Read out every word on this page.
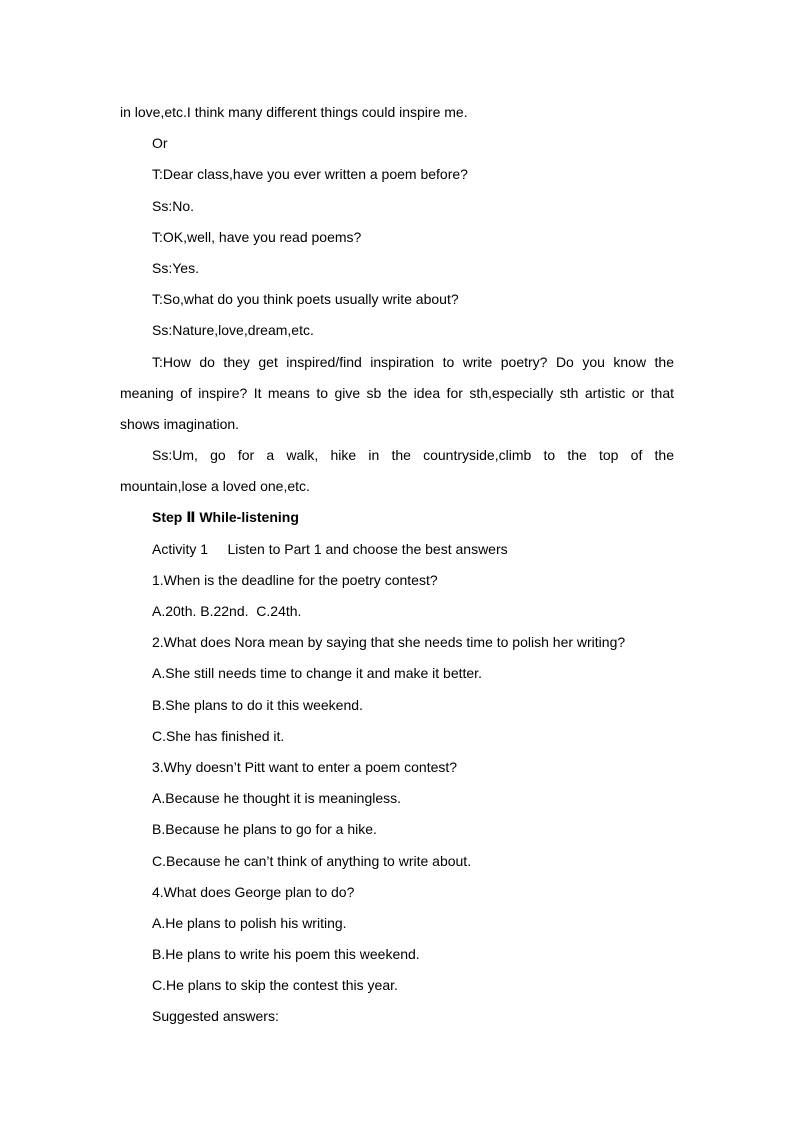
in love,etc.I think many different things could inspire me.
Or
T:Dear class,have you ever written a poem before?
Ss:No.
T:OK,well, have you read poems?
Ss:Yes.
T:So,what do you think poets usually write about?
Ss:Nature,love,dream,etc.
T:How do they get inspired/find inspiration to write poetry? Do you know the
meaning of inspire? It means to give sb the idea for sth,especially sth artistic or that
shows imagination.
Ss:Um, go for a walk, hike in the countryside,climb to the top of the
mountain,lose a loved one,etc.
Step Ⅱ While-listening
Activity 1     Listen to Part 1 and choose the best answers
1.When is the deadline for the poetry contest?
A.20th. B.22nd.  C.24th.
2.What does Nora mean by saying that she needs time to polish her writing?
A.She still needs time to change it and make it better.
B.She plans to do it this weekend.
C.She has finished it.
3.Why doesn’t Pitt want to enter a poem contest?
A.Because he thought it is meaningless.
B.Because he plans to go for a hike.
C.Because he can’t think of anything to write about.
4.What does George plan to do?
A.He plans to polish his writing.
B.He plans to write his poem this weekend.
C.He plans to skip the contest this year.
Suggested answers:
